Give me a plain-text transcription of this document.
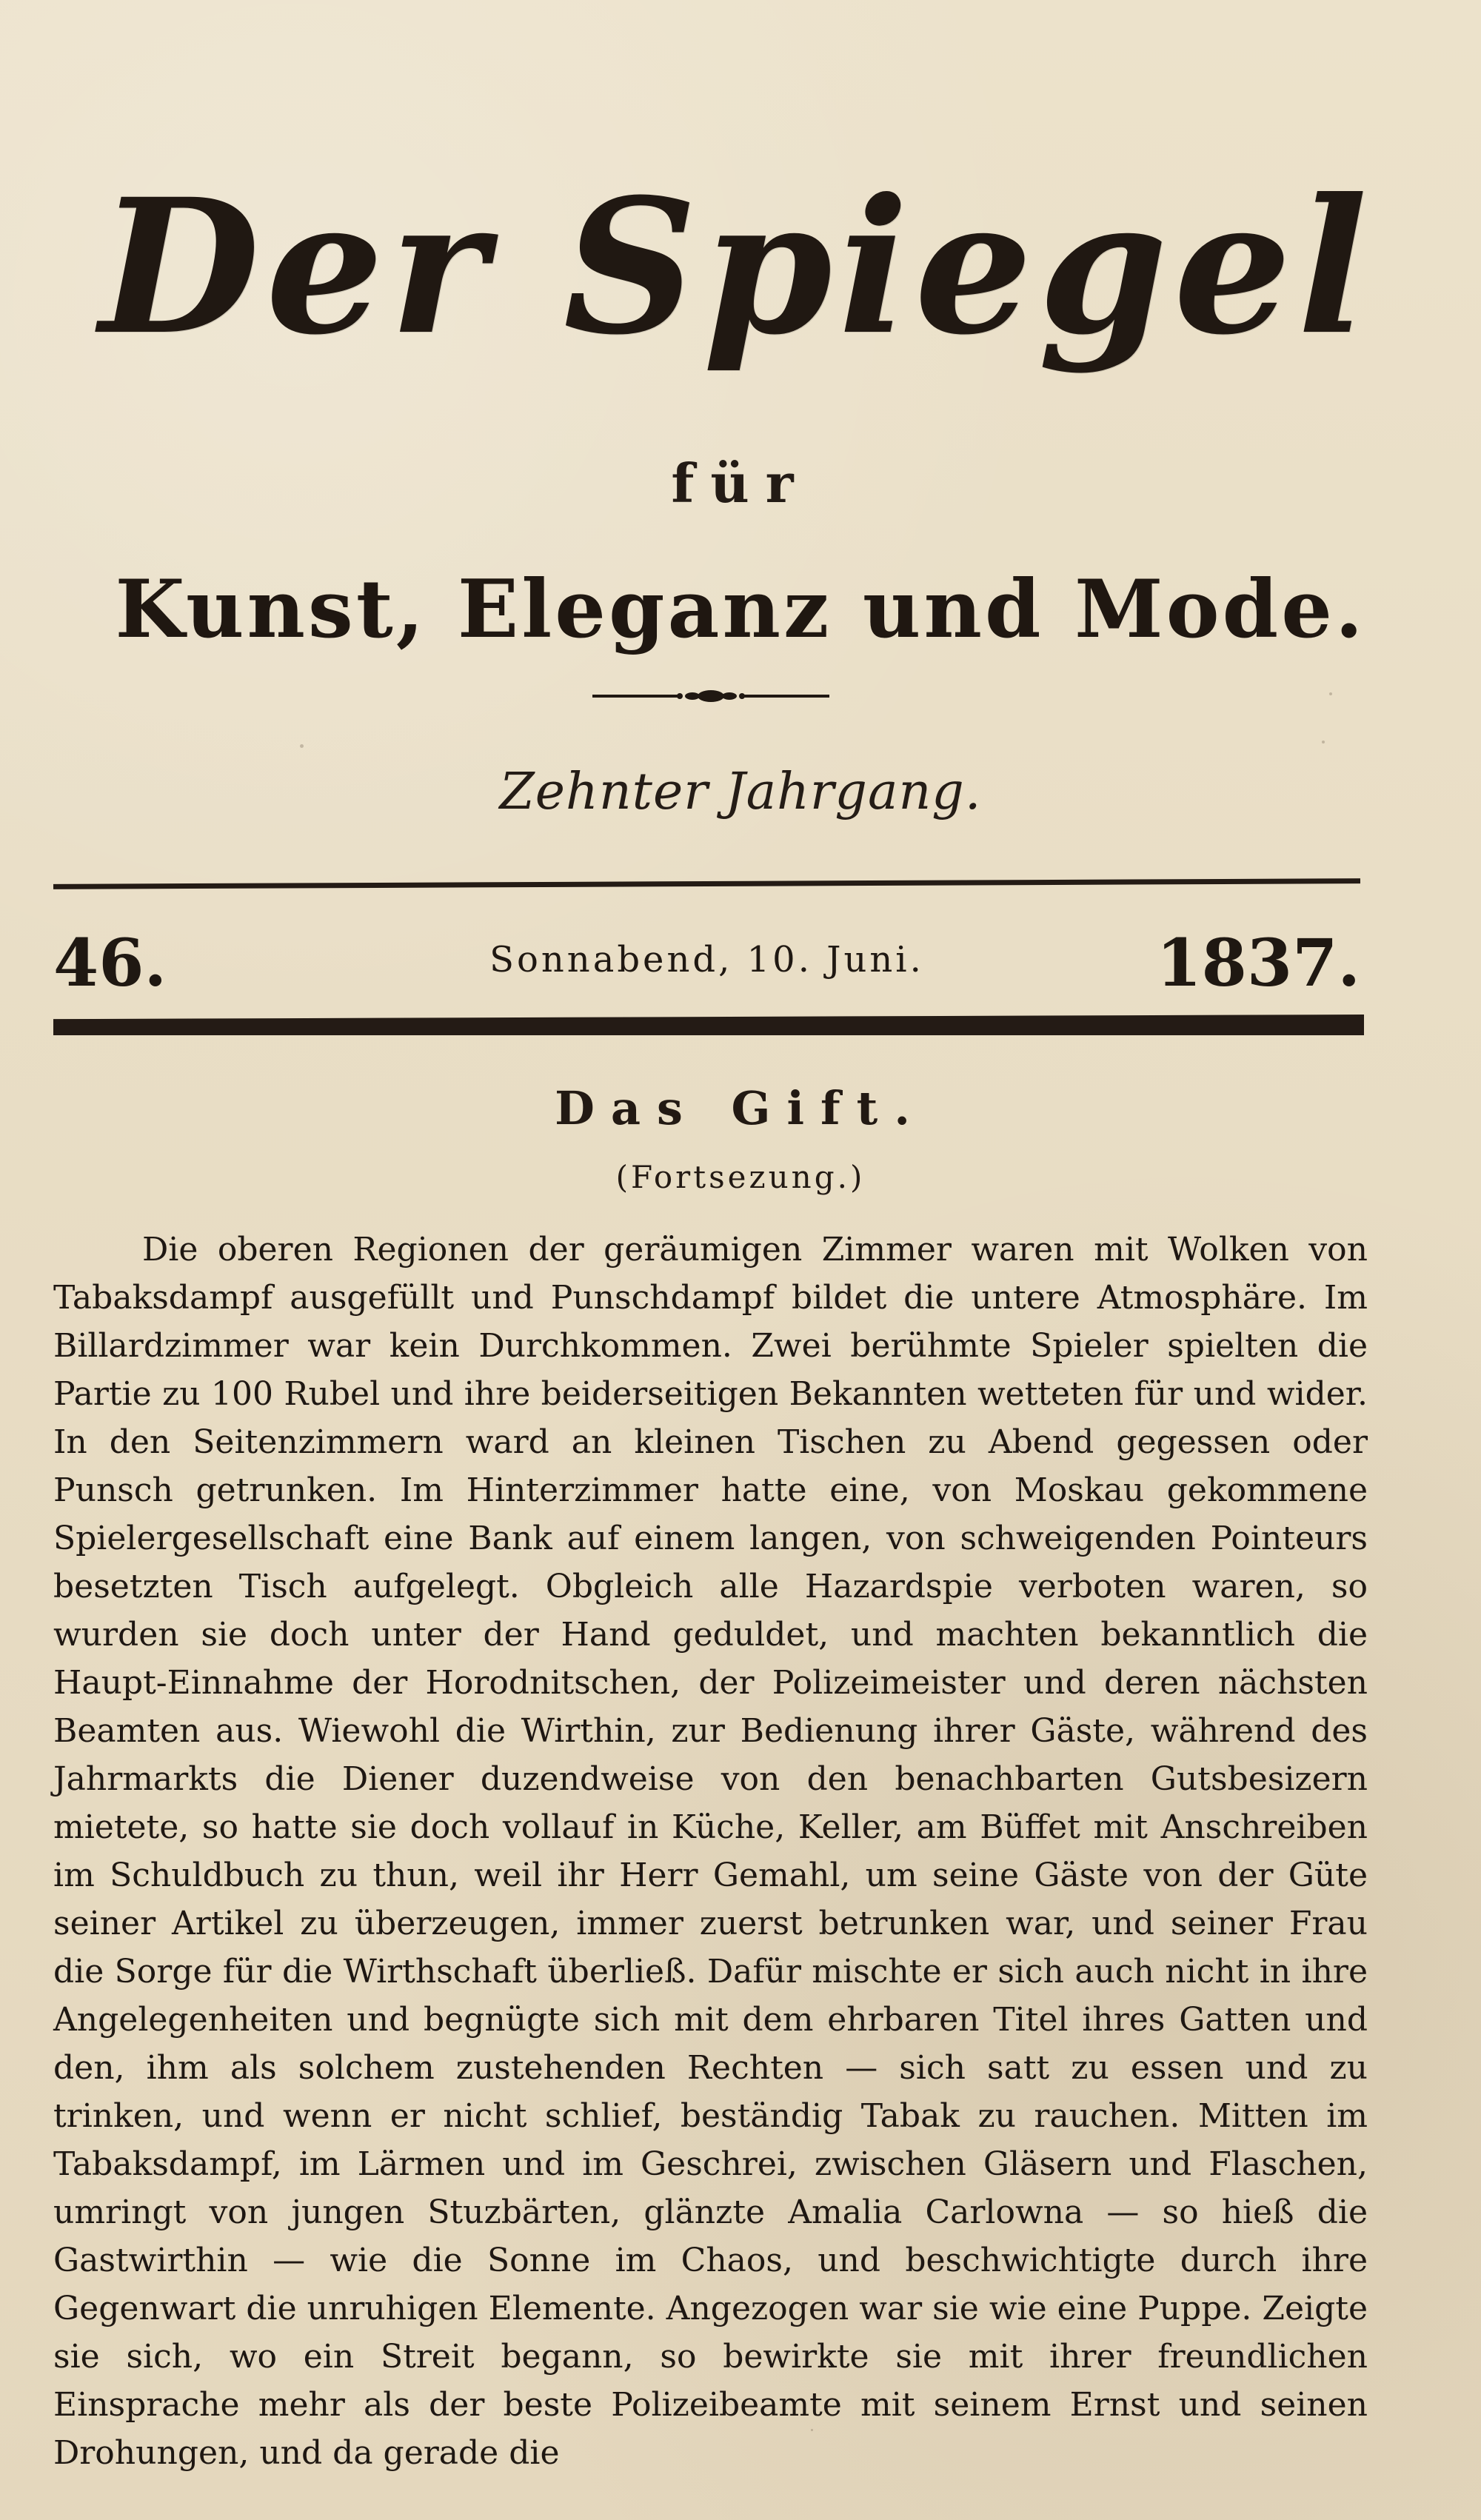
Der Spiegel
für
Kunst, Eleganz und Mode.
Zehnter Jahrgang.
46.	Sonnabend, 10. Juni.	1837.
Das Gift.
(Fortsezung.)

Die oberen Regionen der geräumigen Zimmer waren mit Wolken von Tabaksdampf ausgefüllt und Punschdampf bildet die untere Atmosphäre. Im Billardzimmer war kein Durchkommen. Zwei berühmte Spieler spielten die Partie zu 100 Rubel und ihre beiderseitigen Bekannten wetteten für und wider. In den Seitenzimmern ward an kleinen Tischen zu Abend gegessen oder Punsch getrunken. Im Hinterzimmer hatte eine, von Moskau gekommene Spielergesellschaft eine Bank auf einem langen, von schweigenden Pointeurs besetzten Tisch aufgelegt. Obgleich alle Hazardspie verboten waren, so wurden sie doch unter der Hand geduldet, und machten bekanntlich die Haupt-Einnahme der Horodnitschen, der Polizeimeister und deren nächsten Beamten aus. Wiewohl die Wirthin, zur Bedienung ihrer Gäste, während des Jahrmarkts die Diener duzendweise von den benachbarten Gutsbesizern mietete, so hatte sie doch vollauf in Küche, Keller, am Büffet mit Anschreiben im Schuldbuch zu thun, weil ihr Herr Gemahl, um seine Gäste von der Güte seiner Artikel zu überzeugen, immer zuerst betrunken war, und seiner Frau die Sorge für die Wirthschaft überließ. Dafür mischte er sich auch nicht in ihre Angelegenheiten und begnügte sich mit dem ehrbaren Titel ihres Gatten und den, ihm als solchem zustehenden Rechten — sich satt zu essen und zu trinken, und wenn er nicht schlief, beständig Tabak zu rauchen. Mitten im Tabaksdampf, im Lärmen und im Geschrei, zwischen Gläsern und Flaschen, umringt von jungen Stuzbärten, glänzte Amalia Carlowna — so hieß die Gastwirthin — wie die Sonne im Chaos, und beschwichtigte durch ihre Gegenwart die unruhigen Elemente. Angezogen war sie wie eine Puppe. Zeigte sie sich, wo ein Streit begann, so bewirkte sie mit ihrer freundlichen Einsprache mehr als der beste Polizeibeamte mit seinem Ernst und seinen Drohungen, und da gerade die
